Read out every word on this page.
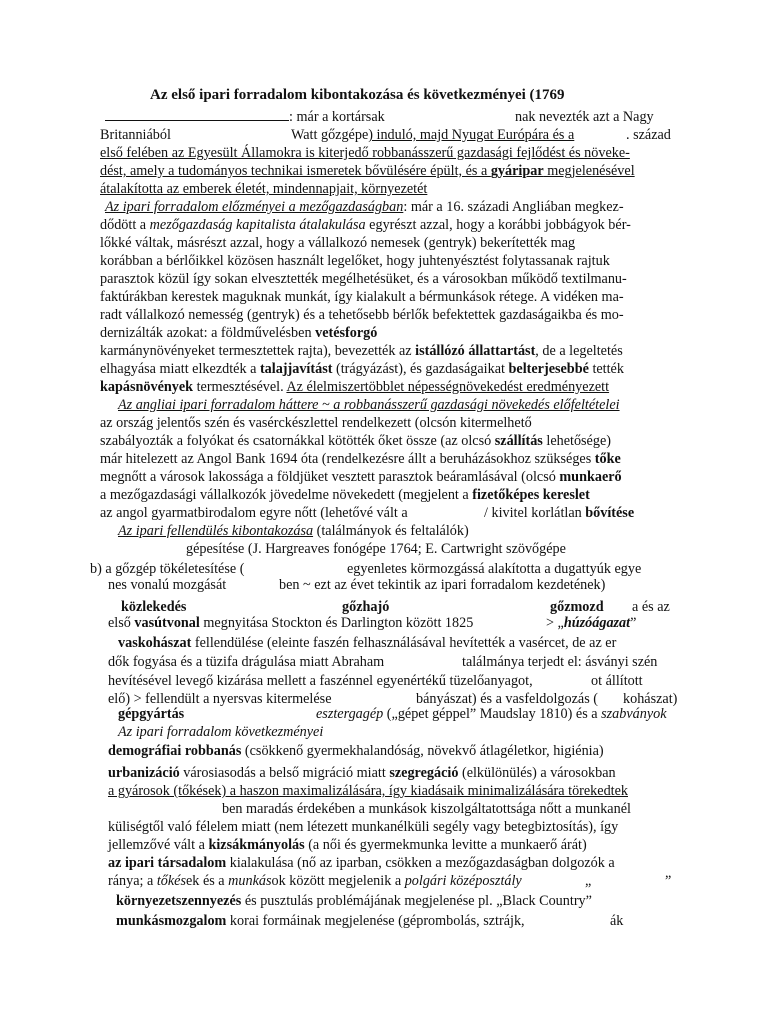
Az első ipari forradalom kibontakozása és következményei (1769
: már a kortársak	nak nevezték azt a Nagy
Britanniából	Watt gőzgépe) induló, majd Nyugat Európára és a	. század
első felében az Egyesült Államokra is kiterjedő robbanásszerű gazdasági fejlődést és növeke-
dést, amely a tudományos technikai ismeretek bővülésére épült, és a gyáripar megjelenésével
átalakította az emberek életét, mindennapjait, környezetét
Az ipari forradalom előzményei a mezőgazdaságban: már a 16. századi Angliában megkez-
dődött a mezőgazdaság kapitalista átalakulása egyrészt azzal, hogy a korábbi jobbágyok bér-
lőkké váltak, másrészt azzal, hogy a vállalkozó nemesek (gentryk) bekerítették mag
korábban a bérlőikkel közösen használt legelőket, hogy juhtenyésztést folytassanak rajtuk
parasztok közül így sokan elvesztették megélhetésüket, és a városokban működő textilmanu-
faktúrákban kerestek maguknak munkát, így kialakult a bérmunkások rétege. A vidéken ma-
radt vállalkozó nemesség (gentryk) és a tehetősebb bérlők befektettek gazdaságaikba és mo-
dernizálták azokat: a földművelésben vetésforgó
karmánynövényeket termesztettek rajta), bevezették az istállózó állattartást, de a legeltetés
elhagyása miatt elkezdték a talajjavítást (trágyázást), és gazdaságaikat belterjesebbé tették
kapásnövények termesztésével. Az élelmiszertöbblet népességnövekedést eredményezett
Az angliai ipari forradalom háttere ~ a robbanásszerű gazdasági növekedés előfeltételei
az ország jelentős szén és vasérckészlettel rendelkezett (olcsón kitermelhető
szabályozták a folyókat és csatornákkal kötötték őket össze (az olcsó szállítás lehetősége)
már hitelezett az Angol Bank 1694 óta (rendelkezésre állt a beruházásokhoz szükséges tőke
megnőtt a városok lakossága a földjüket vesztett parasztok beáramlásával (olcsó munkaerő
a mezőgazdasági vállalkozók jövedelme növekedett (megjelent a fizetőképes kereslet
az angol gyarmatbirodalom egyre nőtt (lehetővé vált a	/ kivitel korlátlan bővítése
Az ipari fellendülés kibontakozása (találmányok és feltalálók)
gépesítése (J. Hargreaves fonógépe 1764; E. Cartwright szövőgépe
b) a gőzgép tökéletesítése (	egyenletes körmozgássá alakította a dugattyúk egye
nes vonalú mozgását	ben ~ ezt az évet tekintik az ipari forradalom kezdetének)
közlekedés	gőzhajó	gőzmozd a és az
első vasútvonal megnyitása Stockton és Darlington között 1825	> „húzóágazat”
vaskohászat fellendülése (eleinte faszén felhasználásával hevítették a vasércet, de az er
dők fogyása és a tüzifa drágulása miatt Abraham	találmánya terjedt el: ásványi szén
hevítésével levegő kizárása mellett a faszénnel egyenértékű tüzelőanyagot,	ot állított
elő) > fellendült a nyersvas kitermelése	bányászat) és a vasfeldolgozás ( kohászat)
gépgyártás	esztergagép („gépet géppel” Maudslay 1810) és a szabványok
Az ipari forradalom következményei
demográfiai robbanás (csökkenő gyermekhalandóság, növekvő átlagéletkor, higiénia)
urbanizáció városiasodás a belső migráció miatt szegregáció (elkülönülés) a városokban
a gyárosok (tőkések) a haszon maximalizálására, így kiadásaik minimalizálására törekedtek
ben maradás érdekében a munkások kiszolgáltatottsága nőtt a munkanél
küliségtől való félelem miatt (nem létezett munkanélküli segély vagy betegbiztosítás), így
jellemzővé vált a kizsákmányolás (a női és gyermekmunka levitte a munkaerő árát)
az ipari társadalom kialakulása (nő az iparban, csökken a mezőgazdaságban dolgozók a
ránya; a tőkések és a munkások között megjelenik a polgári középosztály	„	”
környezetszennyezés és pusztulás problémájának megjelenése pl. „Black Country”
munkásmozgalom korai formáinak megjelenése (géprombolás, sztrájk,	ák
